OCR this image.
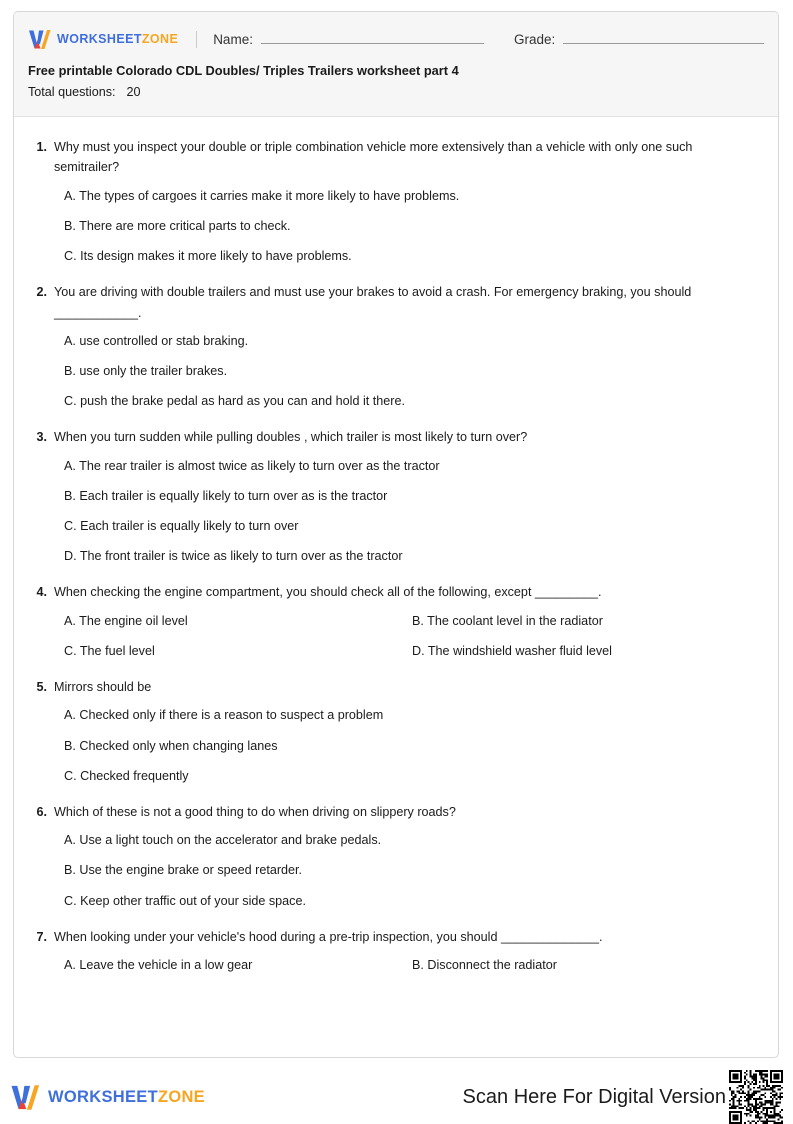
WORKSHEETZONE	Name:	Grade:
Free printable Colorado CDL Doubles/ Triples Trailers worksheet part 4
Total questions: 20
1. Why must you inspect your double or triple combination vehicle more extensively than a vehicle with only one such semitrailer?
A. The types of cargoes it carries make it more likely to have problems.
B. There are more critical parts to check.
C. Its design makes it more likely to have problems.
2. You are driving with double trailers and must use your brakes to avoid a crash. For emergency braking, you should ____________.
A. use controlled or stab braking.
B. use only the trailer brakes.
C. push the brake pedal as hard as you can and hold it there.
3. When you turn sudden while pulling doubles , which trailer is most likely to turn over?
A. The rear trailer is almost twice as likely to turn over as the tractor
B. Each trailer is equally likely to turn over as is the tractor
C. Each trailer is equally likely to turn over
D. The front trailer is twice as likely to turn over as the tractor
4. When checking the engine compartment, you should check all of the following, except _________.
A. The engine oil level	B. The coolant level in the radiator
C. The fuel level	D. The windshield washer fluid level
5. Mirrors should be
A. Checked only if there is a reason to suspect a problem
B. Checked only when changing lanes
C. Checked frequently
6. Which of these is not a good thing to do when driving on slippery roads?
A. Use a light touch on the accelerator and brake pedals.
B. Use the engine brake or speed retarder.
C. Keep other traffic out of your side space.
7. When looking under your vehicle's hood during a pre-trip inspection, you should ______________.
A. Leave the vehicle in a low gear	B. Disconnect the radiator
WORKSHEETZONE	Scan Here For Digital Version
